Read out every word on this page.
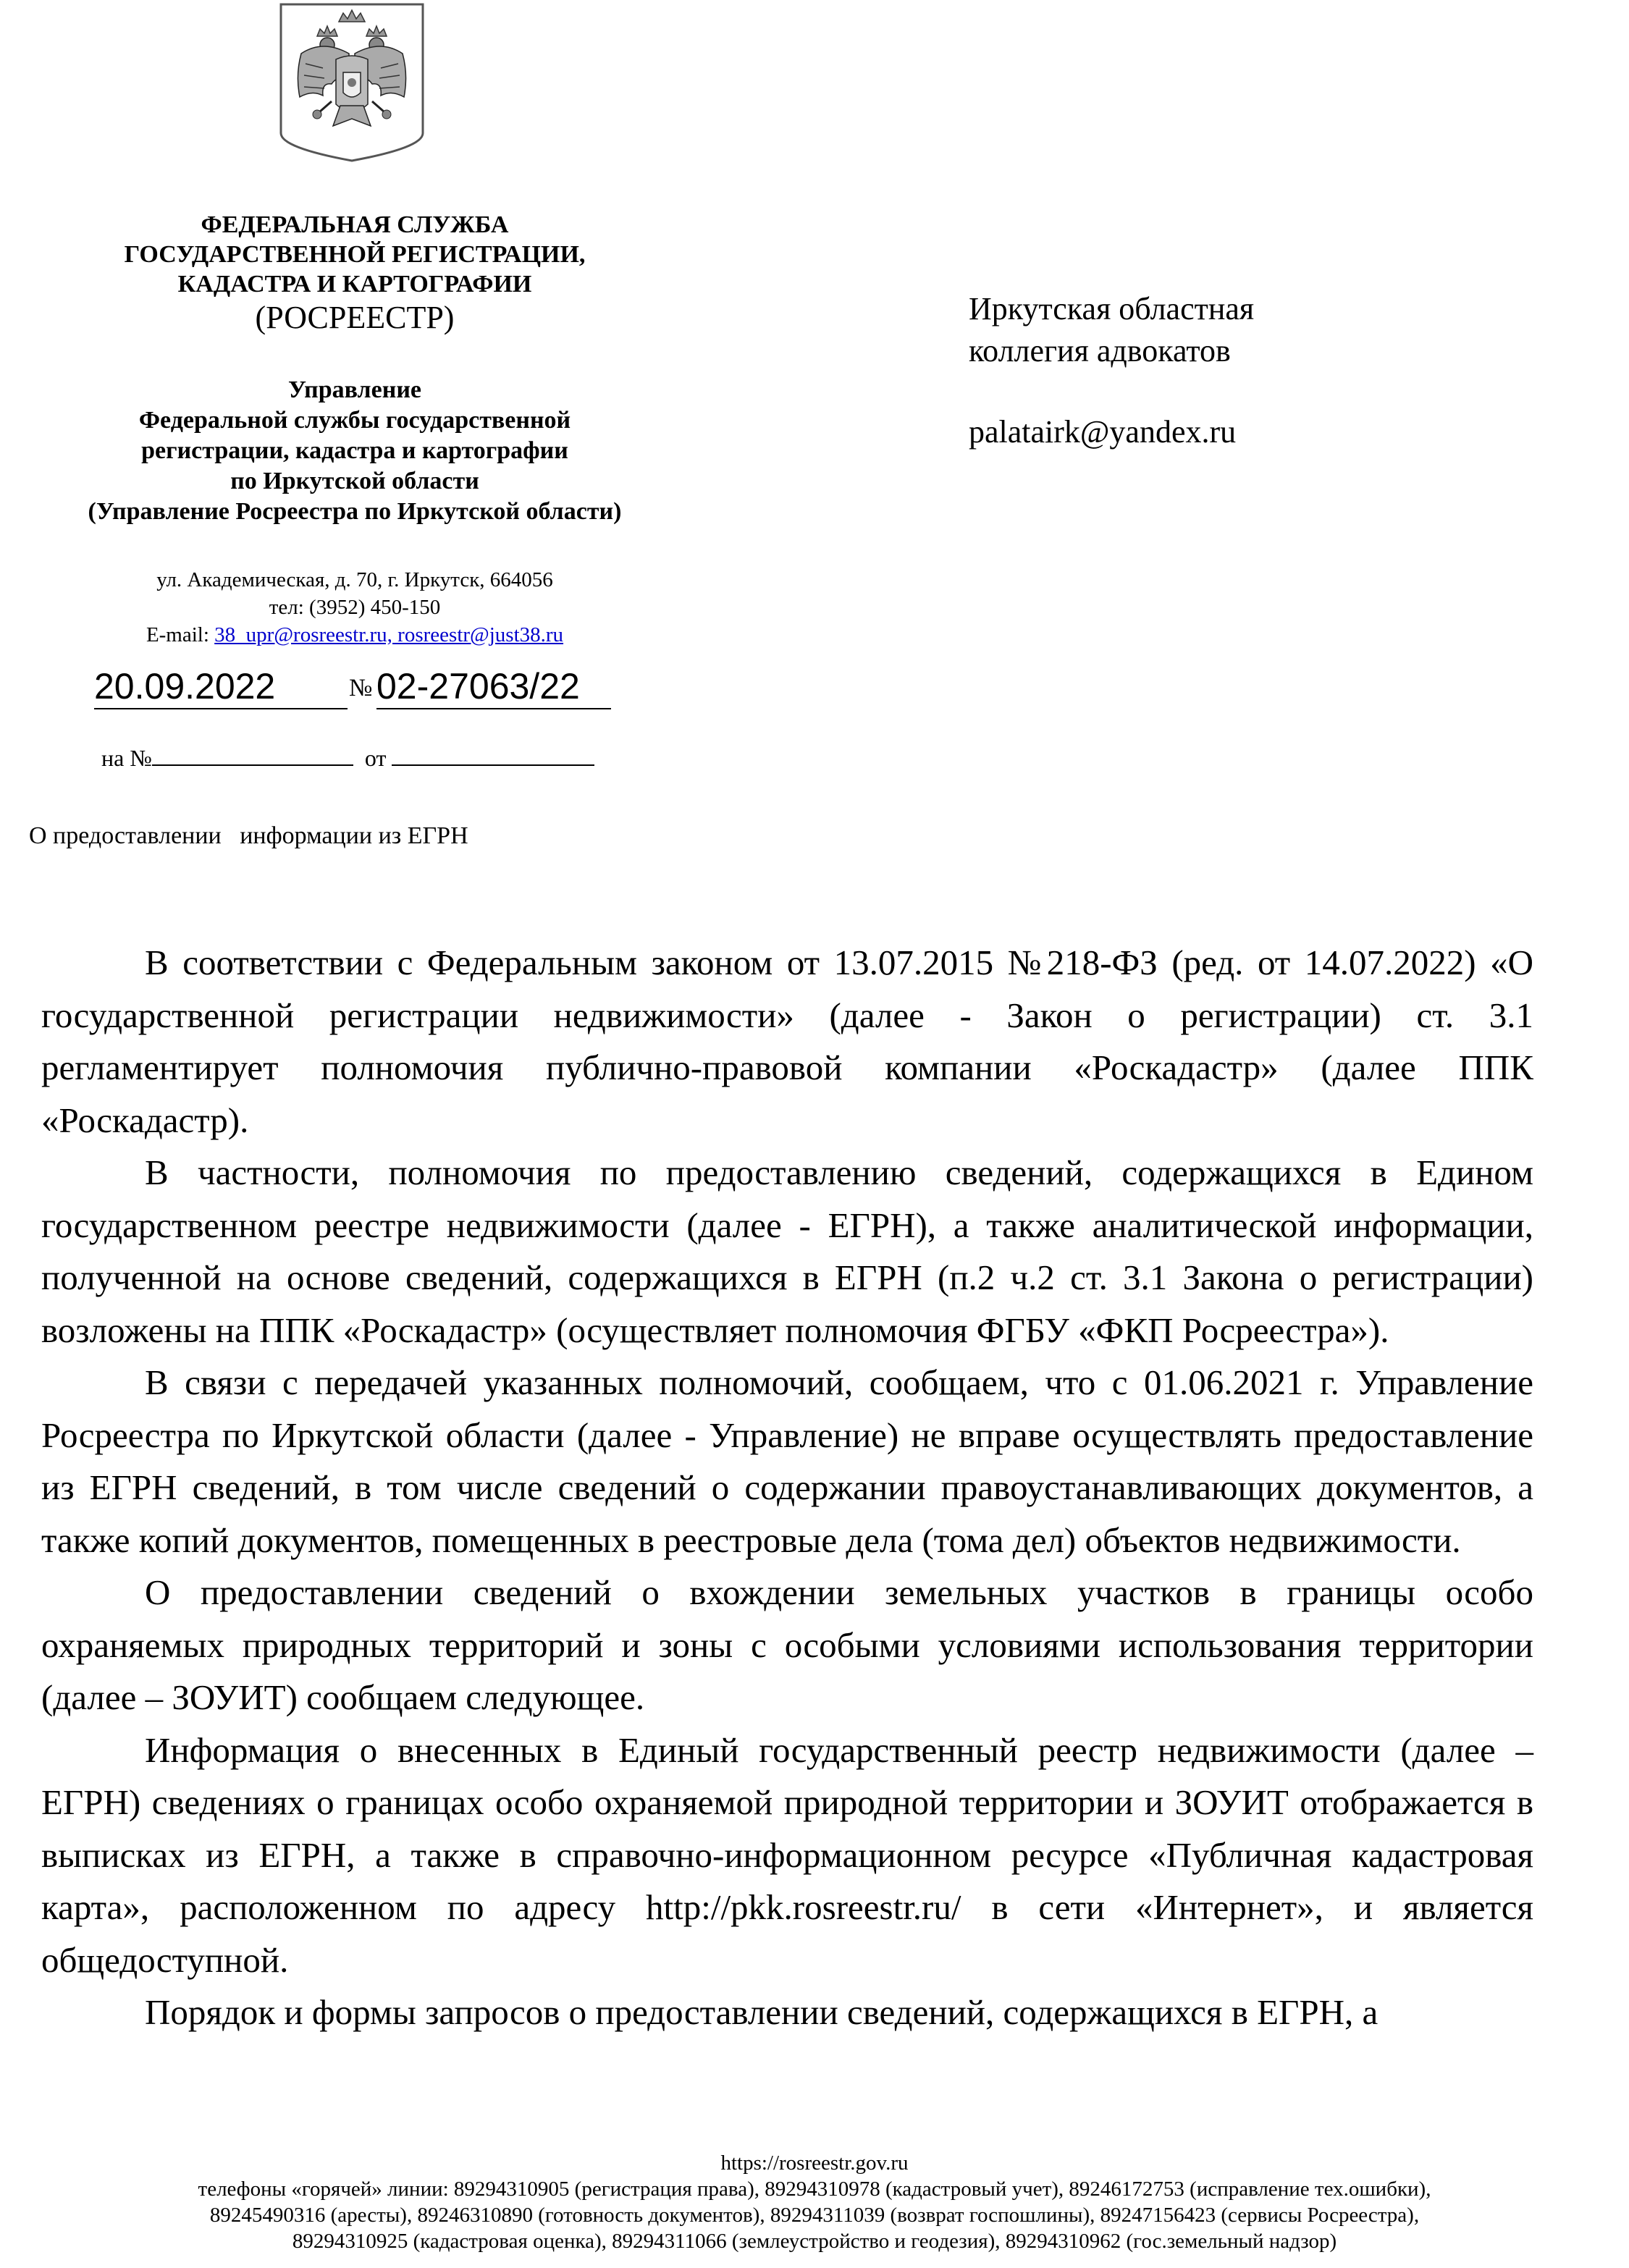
ФЕДЕРАЛЬНАЯ СЛУЖБА
ГОСУДАРСТВЕННОЙ РЕГИСТРАЦИИ,
КАДАСТРА И КАРТОГРАФИИ
(РОСРЕЕСТР)
Управление
Федеральной службы государственной
регистрации, кадастра и картографии
по Иркутской области
(Управление Росреестра по Иркутской области)
ул. Академическая, д. 70, г. Иркутск, 664056
тел: (3952) 450-150
E-mail: 38_upr@rosreestr.ru, rosreestr@just38.ru
20.09.2022	№ 02-27063/22
на №	от
О предоставлении   информации из ЕГРН
Иркутская областная
коллегия адвокатов
palatairk@yandex.ru

В соответствии с Федеральным законом от 13.07.2015 №218-ФЗ (ред. от 14.07.2022) «О государственной регистрации недвижимости» (далее - Закон о регистрации) ст. 3.1 регламентирует полномочия публично-правовой компании «Роскадастр» (далее ППК «Роскадастр).

В частности, полномочия по предоставлению сведений, содержащихся в Едином государственном реестре недвижимости (далее - ЕГРН), а также аналитической информации, полученной на основе сведений, содержащихся в ЕГРН (п.2 ч.2 ст. 3.1 Закона о регистрации) возложены на ППК «Роскадастр» (осуществляет полномочия ФГБУ «ФКП Росреестра»).

В связи с передачей указанных полномочий, сообщаем, что с 01.06.2021 г. Управление Росреестра по Иркутской области (далее - Управление) не вправе осуществлять предоставление из ЕГРН сведений, в том числе сведений о содержании правоустанавливающих документов, а также копий документов, помещенных в реестровые дела (тома дел) объектов недвижимости.

О предоставлении сведений о вхождении земельных участков в границы особо охраняемых природных территорий и зоны с особыми условиями использования территории (далее – ЗОУИТ) сообщаем следующее.

Информация о внесенных в Единый государственный реестр недвижимости (далее – ЕГРН) сведениях о границах особо охраняемой природной территории и ЗОУИТ отображается в выписках из ЕГРН, а также в справочно-информационном ресурсе «Публичная кадастровая карта», расположенном по адресу http://pkk.rosreestr.ru/ в сети «Интернет», и является общедоступной.

Порядок и формы запросов о предоставлении сведений, содержащихся в ЕГРН, а

https://rosreestr.gov.ru
телефоны «горячей» линии: 89294310905 (регистрация права), 89294310978 (кадастровый учет), 89246172753 (исправление тех.ошибки),
89245490316 (аресты), 89246310890 (готовность документов), 89294311039 (возврат госпошлины), 89247156423 (сервисы Росреестра),
89294310925 (кадастровая оценка), 89294311066 (землеустройство и геодезия), 89294310962 (гос.земельный надзор)
